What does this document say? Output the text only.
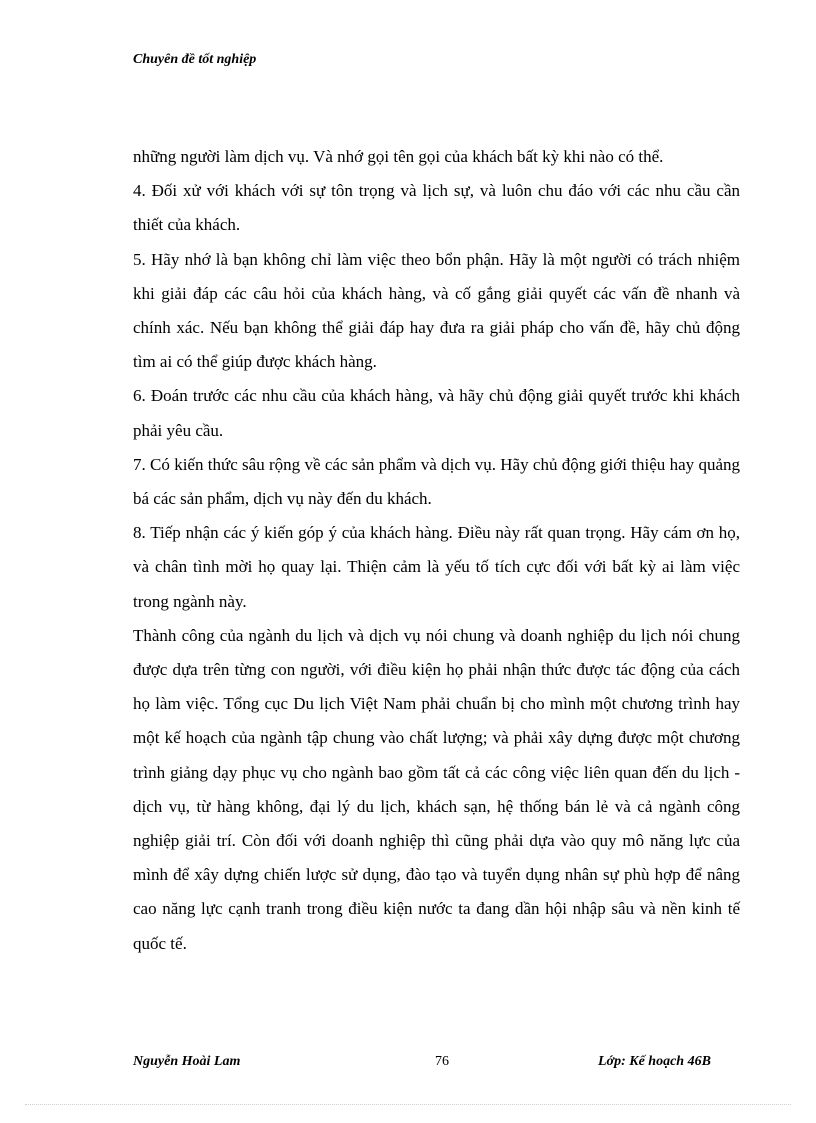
Chuyên đề tốt nghiệp

những người làm dịch vụ. Và nhớ gọi tên gọi của khách bất kỳ khi nào có thể.

4. Đối xử với khách với sự tôn trọng và lịch sự, và luôn chu đáo với các nhu cầu cần thiết của khách.

5. Hãy nhớ là bạn không chỉ làm việc theo bổn phận. Hãy là một người có trách nhiệm khi giải đáp các câu hỏi của khách hàng, và cố gắng giải quyết các vấn đề nhanh và chính xác. Nếu bạn không thể giải đáp hay đưa ra giải pháp cho vấn đề, hãy chủ động tìm ai có thể giúp được khách hàng.

6. Đoán trước các nhu cầu của khách hàng, và hãy chủ động giải quyết trước khi khách phải yêu cầu.

7. Có kiến thức sâu rộng về các sản phẩm và dịch vụ. Hãy chủ động giới thiệu hay quảng bá các sản phẩm, dịch vụ này đến du khách.

8. Tiếp nhận các ý kiến góp ý của khách hàng. Điều này rất quan trọng. Hãy cám ơn họ, và chân tình mời họ quay lại. Thiện cảm là yếu tố tích cực đối với bất kỳ ai làm việc trong ngành này.

Thành công của ngành du lịch và dịch vụ nói chung và doanh nghiệp du lịch nói chung được dựa trên từng con người, với điều kiện họ phải nhận thức được tác động của cách họ làm việc. Tổng cục Du lịch Việt Nam phải chuẩn bị cho mình một chương trình hay một kế hoạch của ngành tập chung vào chất lượng; và phải xây dựng được một chương trình giảng dạy phục vụ cho ngành bao gồm tất cả các công việc liên quan đến du lịch - dịch vụ, từ hàng không, đại lý du lịch, khách sạn, hệ thống bán lẻ và cả ngành công nghiệp giải trí. Còn đối với doanh nghiệp thì cũng phải dựa vào quy mô năng lực của mình để xây dựng chiến lược sử dụng, đào tạo và tuyển dụng nhân sự phù hợp để nâng cao năng lực cạnh tranh trong điều kiện nước ta đang dần hội nhập sâu và nền kinh tế quốc tế.

Nguyễn Hoài Lam	76	Lớp: Kế hoạch 46B
